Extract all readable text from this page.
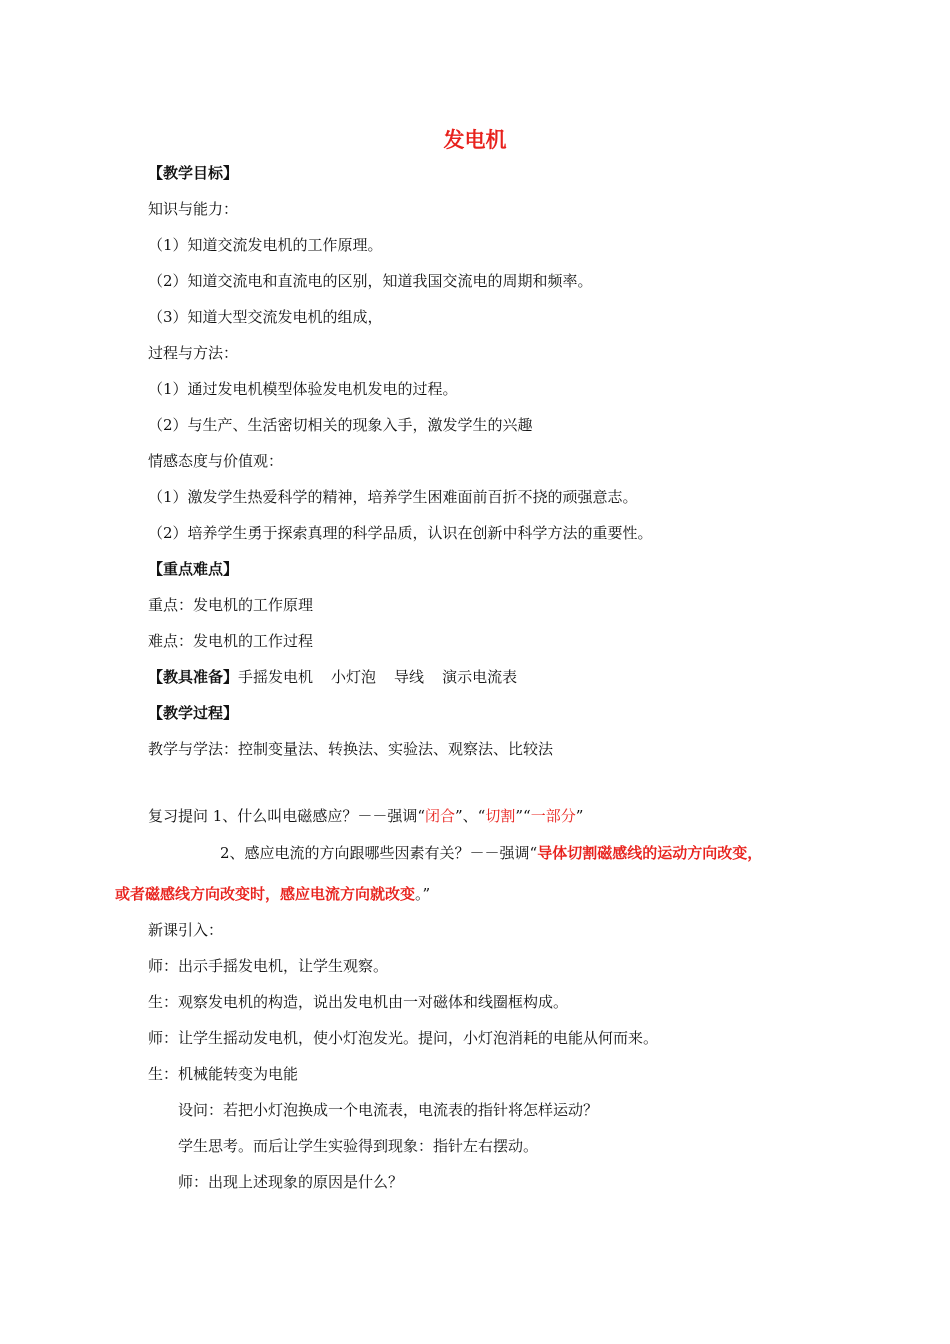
发电机
【教学目标】
知识与能力：
（1）知道交流发电机的工作原理。
（2）知道交流电和直流电的区别，知道我国交流电的周期和频率。
（3）知道大型交流发电机的组成，
过程与方法：
（1）通过发电机模型体验发电机发电的过程。
（2）与生产、生活密切相关的现象入手，激发学生的兴趣
情感态度与价值观：
（1）激发学生热爱科学的精神，培养学生困难面前百折不挠的顽强意志。
（2）培养学生勇于探索真理的科学品质，认识在创新中科学方法的重要性。
【重点难点】
重点：发电机的工作原理
难点：发电机的工作过程
【教具准备】手摇发电机 小灯泡 导线 演示电流表
【教学过程】
教学与学法：控制变量法、转换法、实验法、观察法、比较法
复习提问 1、什么叫电磁感应？－－强调“闭合”、“切割”“一部分”
2、感应电流的方向跟哪些因素有关？－－强调“导体切割磁感线的运动方向改变，
或者磁感线方向改变时，感应电流方向就改变。”
新课引入：
师：出示手摇发电机，让学生观察。
生：观察发电机的构造，说出发电机由一对磁体和线圈框构成。
师：让学生摇动发电机，使小灯泡发光。提问，小灯泡消耗的电能从何而来。
生：机械能转变为电能
设问：若把小灯泡换成一个电流表，电流表的指针将怎样运动？
学生思考。而后让学生实验得到现象：指针左右摆动。
师：出现上述现象的原因是什么？
